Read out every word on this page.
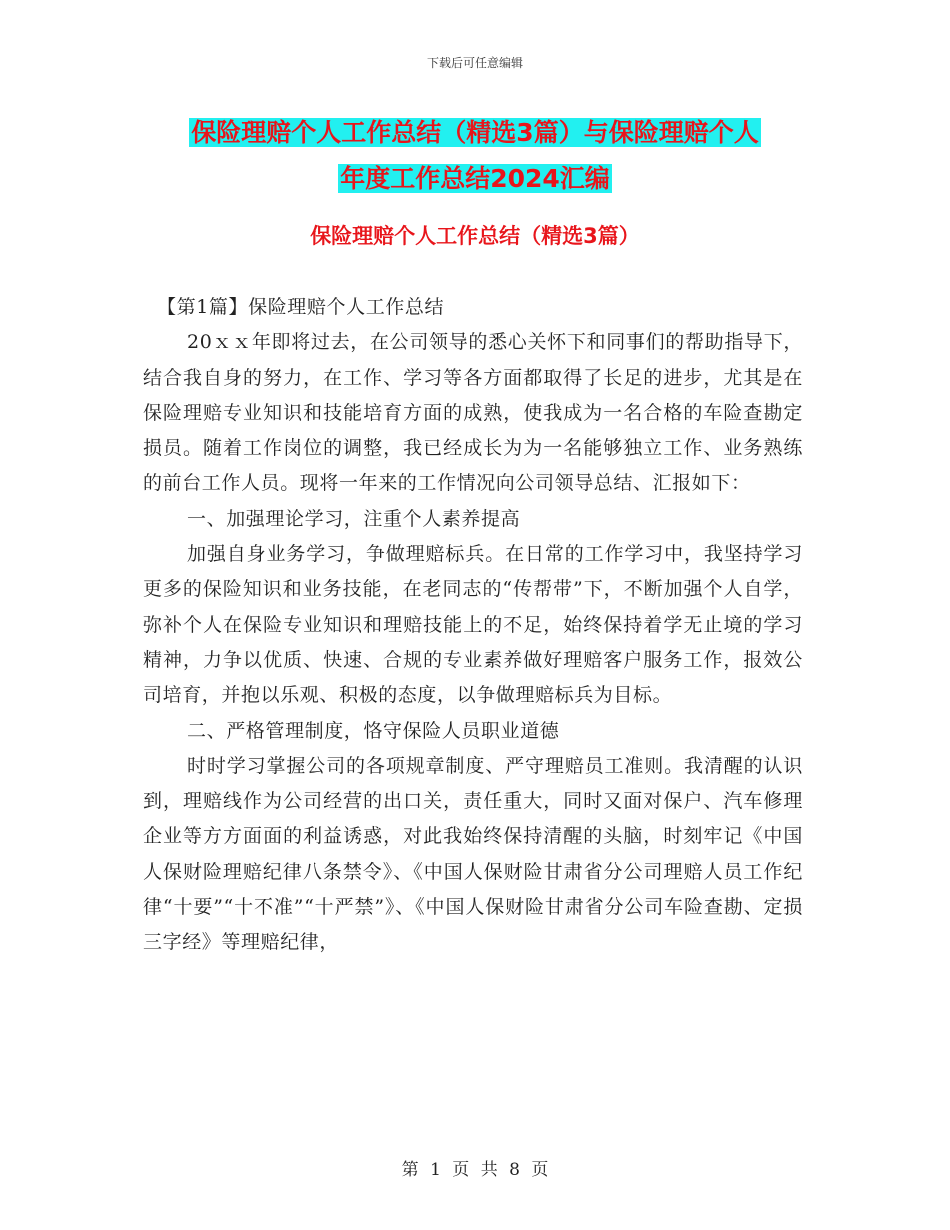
下载后可任意编辑
保险理赔个人工作总结（精选3篇）与保险理赔个人
年度工作总结2024汇编
保险理赔个人工作总结（精选3篇）

【第1篇】保险理赔个人工作总结

20ｘｘ年即将过去，在公司领导的悉心关怀下和同事们的帮助指导下，结合我自身的努力，在工作、学习等各方面都取得了长足的进步，尤其是在保险理赔专业知识和技能培育方面的成熟，使我成为一名合格的车险查勘定损员。随着工作岗位的调整，我已经成长为为一名能够独立工作、业务熟练的前台工作人员。现将一年来的工作情况向公司领导总结、汇报如下：

一、加强理论学习，注重个人素养提高

加强自身业务学习，争做理赔标兵。在日常的工作学习中，我坚持学习更多的保险知识和业务技能，在老同志的“传帮带”下，不断加强个人自学，弥补个人在保险专业知识和理赔技能上的不足，始终保持着学无止境的学习精神，力争以优质、快速、合规的专业素养做好理赔客户服务工作，报效公司培育，并抱以乐观、积极的态度，以争做理赔标兵为目标。

二、严格管理制度，恪守保险人员职业道德

时时学习掌握公司的各项规章制度、严守理赔员工准则。我清醒的认识到，理赔线作为公司经营的出口关，责任重大，同时又面对保户、汽车修理企业等方方面面的利益诱惑，对此我始终保持清醒的头脑，时刻牢记《中国人保财险理赔纪律八条禁令》、《中国人保财险甘肃省分公司理赔人员工作纪律“十要”“十不准”“十严禁”》、《中国人保财险甘肃省分公司车险查勘、定损三字经》等理赔纪律，

第 1 页 共 8 页
